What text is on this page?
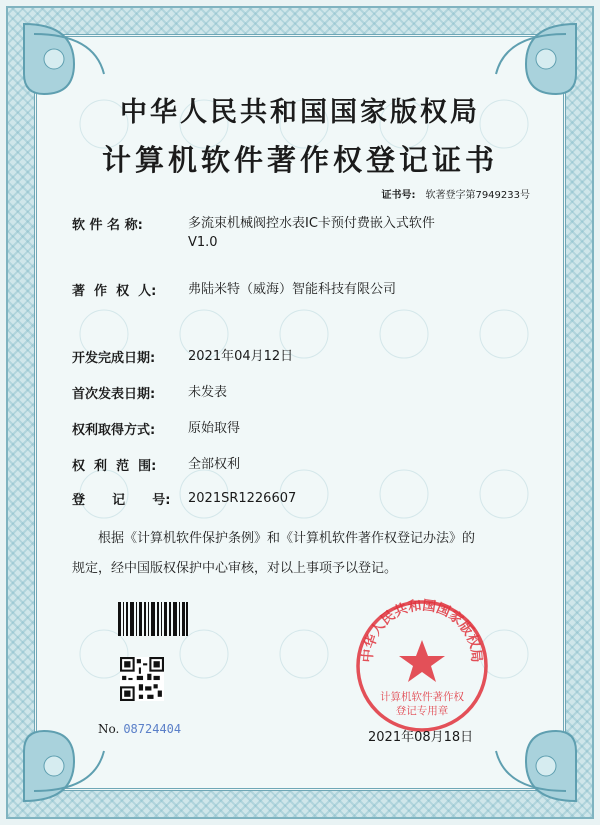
中华人民共和国国家版权局
计算机软件著作权登记证书
证书号: 软著登字第7949233号
软 件 名 称:	多流束机械阀控水表IC卡预付费嵌入式软件
V1.0
著  作  权  人:	弗陆米特（威海）智能科技有限公司
开发完成日期:	2021年04月12日
首次发表日期:	未发表
权利取得方式:	原始取得
权  利  范  围:	全部权利
登      记      号:	2021SR1226607
根据《计算机软件保护条例》和《计算机软件著作权登记办法》的
规定，经中国版权保护中心审核，对以上事项予以登记。
No. 08724404
中华人民共和国国家版权局
计算机软件著作权
登记专用章
2021年08月18日
